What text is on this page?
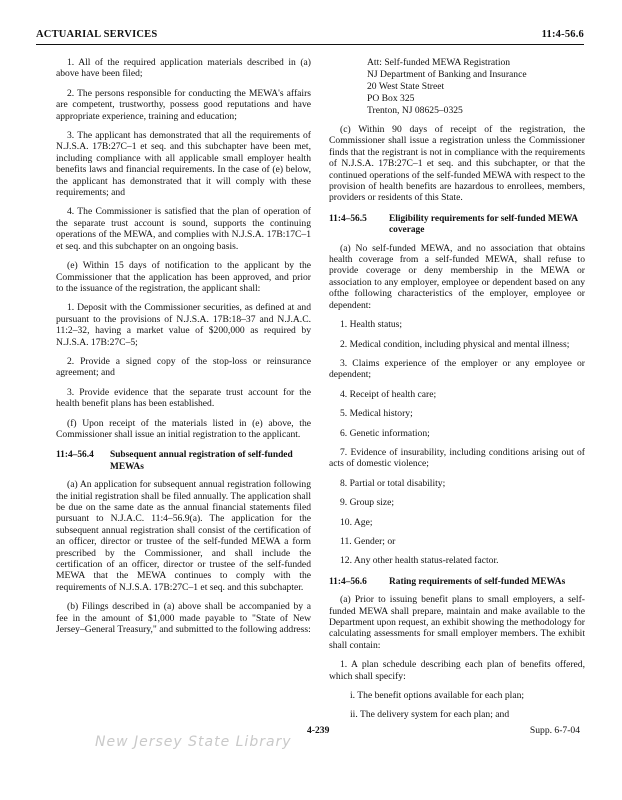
ACTUARIAL SERVICES	11:4-56.6

1. All of the required application materials described in (a) above have been filed;

2. The persons responsible for conducting the MEWA's affairs are competent, trustworthy, possess good reputations and have appropriate experience, training and education;

3. The applicant has demonstrated that all the requirements of N.J.S.A. 17B:27C–1 et seq. and this subchapter have been met, including compliance with all applicable small employer health benefits laws and financial requirements. In the case of (e) below, the applicant has demonstrated that it will comply with these requirements; and

4. The Commissioner is satisfied that the plan of operation of the separate trust account is sound, supports the continuing operations of the MEWA, and complies with N.J.S.A. 17B:17C–1 et seq. and this subchapter on an ongoing basis.

(e) Within 15 days of notification to the applicant by the Commissioner that the application has been approved, and prior to the issuance of the registration, the applicant shall:

1. Deposit with the Commissioner securities, as defined at and pursuant to the provisions of N.J.S.A. 17B:18–37 and N.J.A.C. 11:2–32, having a market value of $200,000 as required by N.J.S.A. 17B:27C–5;

2. Provide a signed copy of the stop-loss or reinsurance agreement; and

3. Provide evidence that the separate trust account for the health benefit plans has been established.

(f) Upon receipt of the materials listed in (e) above, the Commissioner shall issue an initial registration to the applicant.

11:4–56.4 Subsequent annual registration of self-funded
MEWAs

(a) An application for subsequent annual registration following the initial registration shall be filed annually. The application shall be due on the same date as the annual financial statements filed pursuant to N.J.A.C. 11:4–56.9(a). The application for the subsequent annual registration shall consist of the certification of an officer, director or trustee of the self-funded MEWA a form prescribed by the Commissioner, and shall include the certification of an officer, director or trustee of the self-funded MEWA that the MEWA continues to comply with the requirements of N.J.S.A. 17B:27C–1 et seq. and this subchapter.

(b) Filings described in (a) above shall be accompanied by a fee in the amount of $1,000 made payable to "State of New Jersey–General Treasury," and submitted to the following address:

Att: Self-funded MEWA Registration
NJ Department of Banking and Insurance
20 West State Street
PO Box 325
Trenton, NJ 08625–0325

(c) Within 90 days of receipt of the registration, the Commissioner shall issue a registration unless the Commissioner finds that the registrant is not in compliance with the requirements of N.J.S.A. 17B:27C–1 et seq. and this subchapter, or that the continued operations of the self-funded MEWA with respect to the provision of health benefits are hazardous to enrollees, members, providers or residents of this State.

11:4–56.5 Eligibility requirements for self-funded MEWA
coverage

(a) No self-funded MEWA, and no association that obtains health coverage from a self-funded MEWA, shall refuse to provide coverage or deny membership in the MEWA or association to any employer, employee or dependent based on any ofthe following characteristics of the employer, employee or dependent:

1. Health status;

2. Medical condition, including physical and mental illness;

3. Claims experience of the employer or any employee or dependent;

4. Receipt of health care;

5. Medical history;

6. Genetic information;

7. Evidence of insurability, including conditions arising out of acts of domestic violence;

8. Partial or total disability;

9. Group size;

10. Age;

11. Gender; or

12. Any other health status-related factor.

11:4–56.6 Rating requirements of self-funded MEWAs

(a) Prior to issuing benefit plans to small employers, a self-funded MEWA shall prepare, maintain and make available to the Department upon request, an exhibit showing the methodology for calculating assessments for small employer members. The exhibit shall contain:

1. A plan schedule describing each plan of benefits offered, which shall specify:

i. The benefit options available for each plan;

ii. The delivery system for each plan; and

4-239	Supp. 6-7-04
New Jersey State Library
